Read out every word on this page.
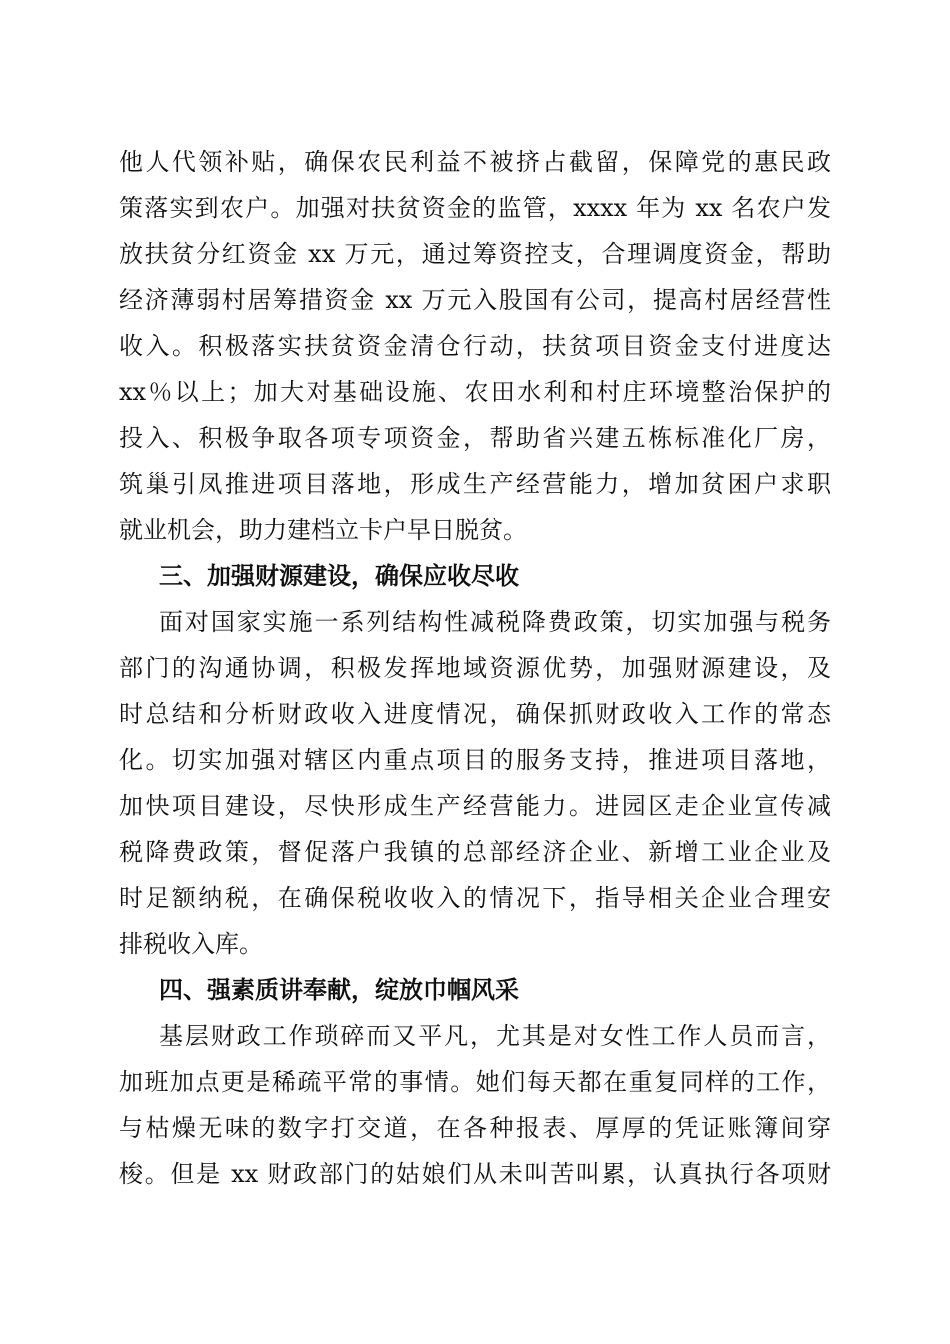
他人代领补贴，确保农民利益不被挤占截留，保障党的惠民政
策落实到农户。加强对扶贫资金的监管，xxxx 年为 xx 名农户发
放扶贫分红资金 xx 万元，通过筹资控支，合理调度资金，帮助
经济薄弱村居筹措资金 xx 万元入股国有公司，提高村居经营性
收入。积极落实扶贫资金清仓行动，扶贫项目资金支付进度达
xx％以上；加大对基础设施、农田水利和村庄环境整治保护的
投入、积极争取各项专项资金，帮助省兴建五栋标准化厂房，
筑巢引凤推进项目落地，形成生产经营能力，增加贫困户求职
就业机会，助力建档立卡户早日脱贫。
三、加强财源建设，确保应收尽收
面对国家实施一系列结构性减税降费政策，切实加强与税务
部门的沟通协调，积极发挥地域资源优势，加强财源建设，及
时总结和分析财政收入进度情况，确保抓财政收入工作的常态
化。切实加强对辖区内重点项目的服务支持，推进项目落地，
加快项目建设，尽快形成生产经营能力。进园区走企业宣传减
税降费政策，督促落户我镇的总部经济企业、新增工业企业及
时足额纳税，在确保税收收入的情况下，指导相关企业合理安
排税收入库。
四、强素质讲奉献，绽放巾帼风采
基层财政工作琐碎而又平凡，尤其是对女性工作人员而言，
加班加点更是稀疏平常的事情。她们每天都在重复同样的工作，
与枯燥无味的数字打交道，在各种报表、厚厚的凭证账簿间穿
梭。但是 xx 财政部门的姑娘们从未叫苦叫累，认真执行各项财
